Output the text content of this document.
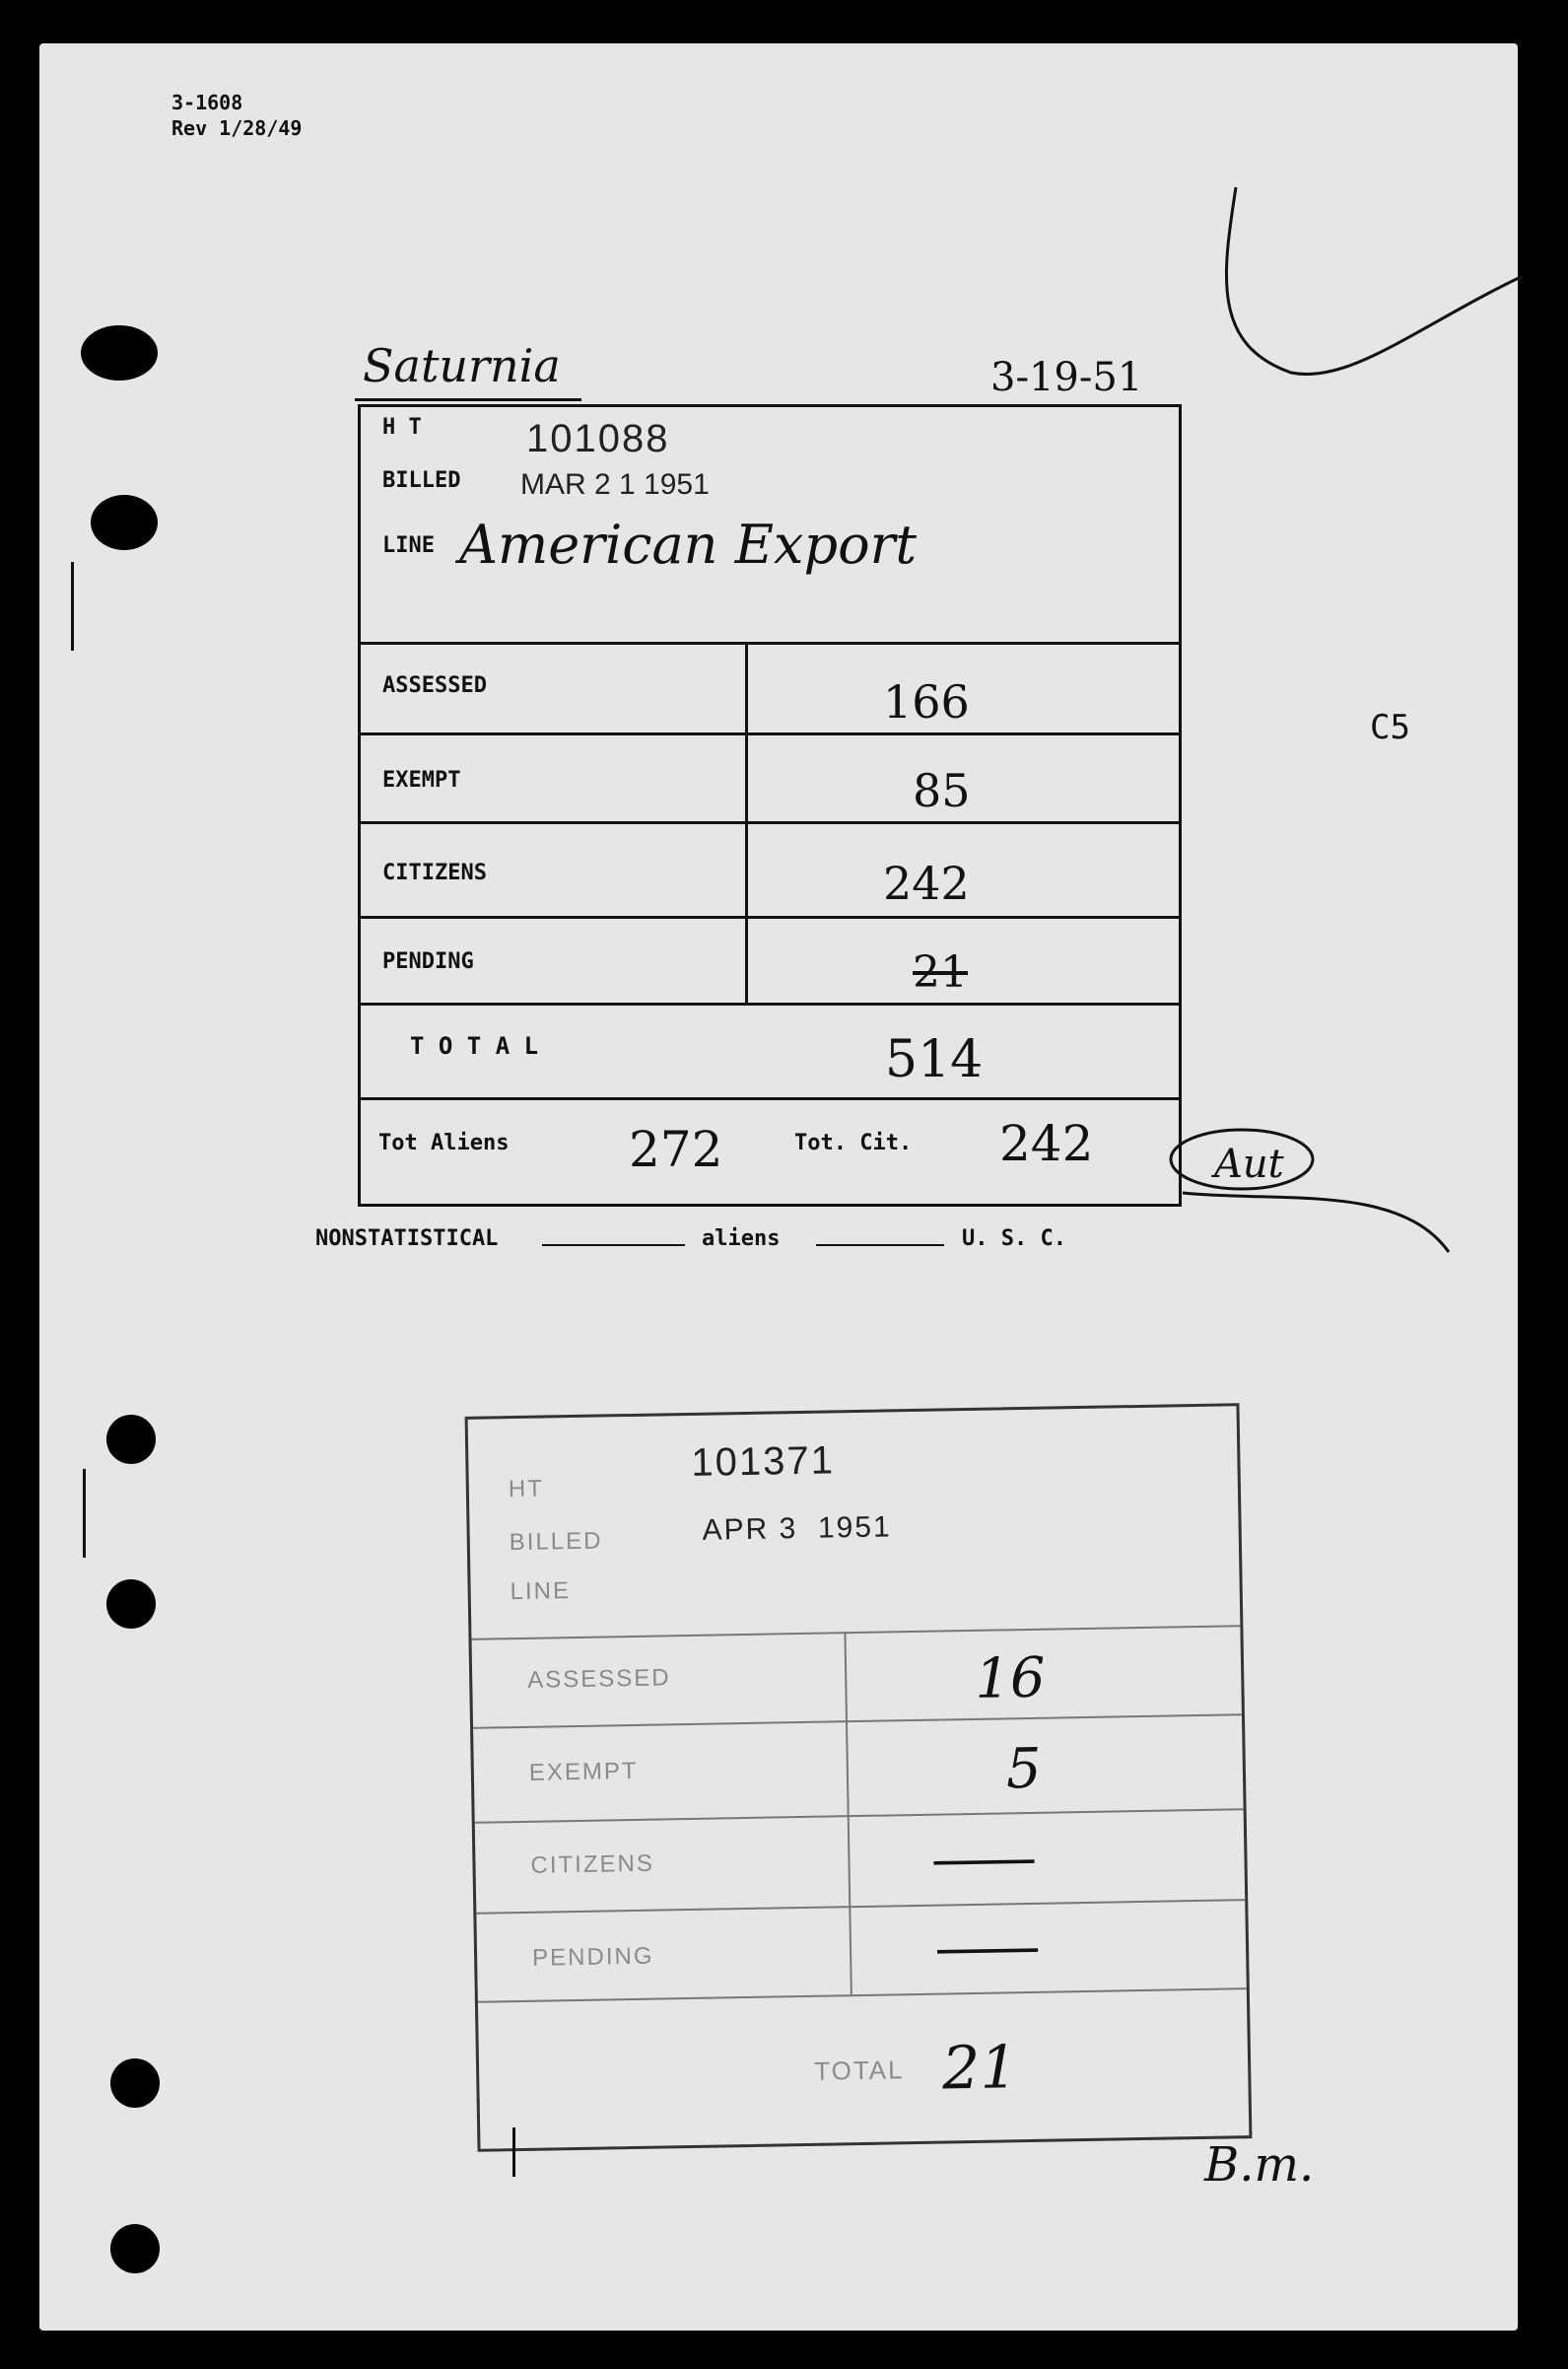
3-1608
Rev 1/28/49
Saturnia	3-19-51
C5
H T	101088
BILLED MAR 2 1 1951
LINE American Export
ASSESSED	166
EXEMPT	85
CITIZENS	242
PENDING	21
T O T A L	514
Tot Aliens 272	Tot. Cit. 242	Aut
NONSTATISTICAL	aliens	U. S. C.
HT
101371
BILLED	APR 3  1951
LINE
ASSESSED	16
EXEMPT	5
CITIZENS	—
PENDING	—
TOTAL 21
B.m.
